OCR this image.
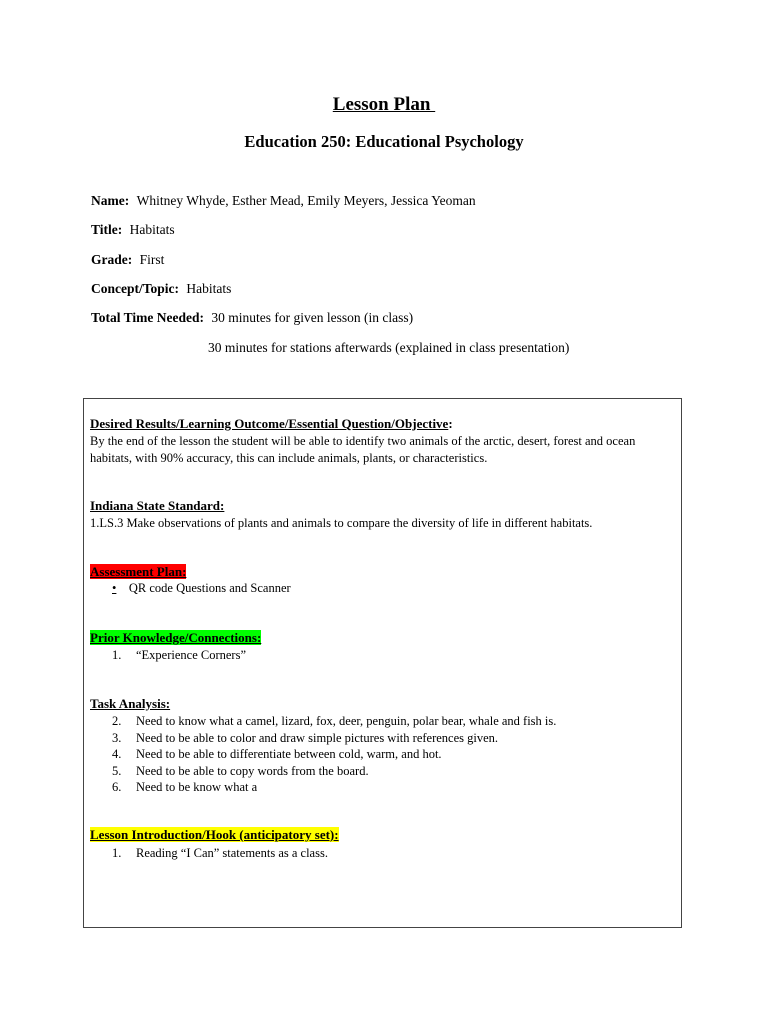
Lesson Plan
Education 250: Educational Psychology
Name: Whitney Whyde, Esther Mead, Emily Meyers, Jessica Yeoman
Title: Habitats
Grade: First
Concept/Topic: Habitats
Total Time Needed: 30 minutes for given lesson (in class)
30 minutes for stations afterwards (explained in class presentation)
Desired Results/Learning Outcome/Essential Question/Objective:
By the end of the lesson the student will be able to identify two animals of the arctic, desert, forest and ocean habitats, with 90% accuracy, this can include animals, plants, or characteristics.
Indiana State Standard:
1.LS.3 Make observations of plants and animals to compare the diversity of life in different habitats.
Assessment Plan:
• QR code Questions and Scanner
Prior Knowledge/Connections:
1. “Experience Corners”
Task Analysis:
2. Need to know what a camel, lizard, fox, deer, penguin, polar bear, whale and fish is.
3. Need to be able to color and draw simple pictures with references given.
4. Need to be able to differentiate between cold, warm, and hot.
5. Need to be able to copy words from the board.
6. Need to be know what a
Lesson Introduction/Hook (anticipatory set):
1. Reading “I Can” statements as a class.
